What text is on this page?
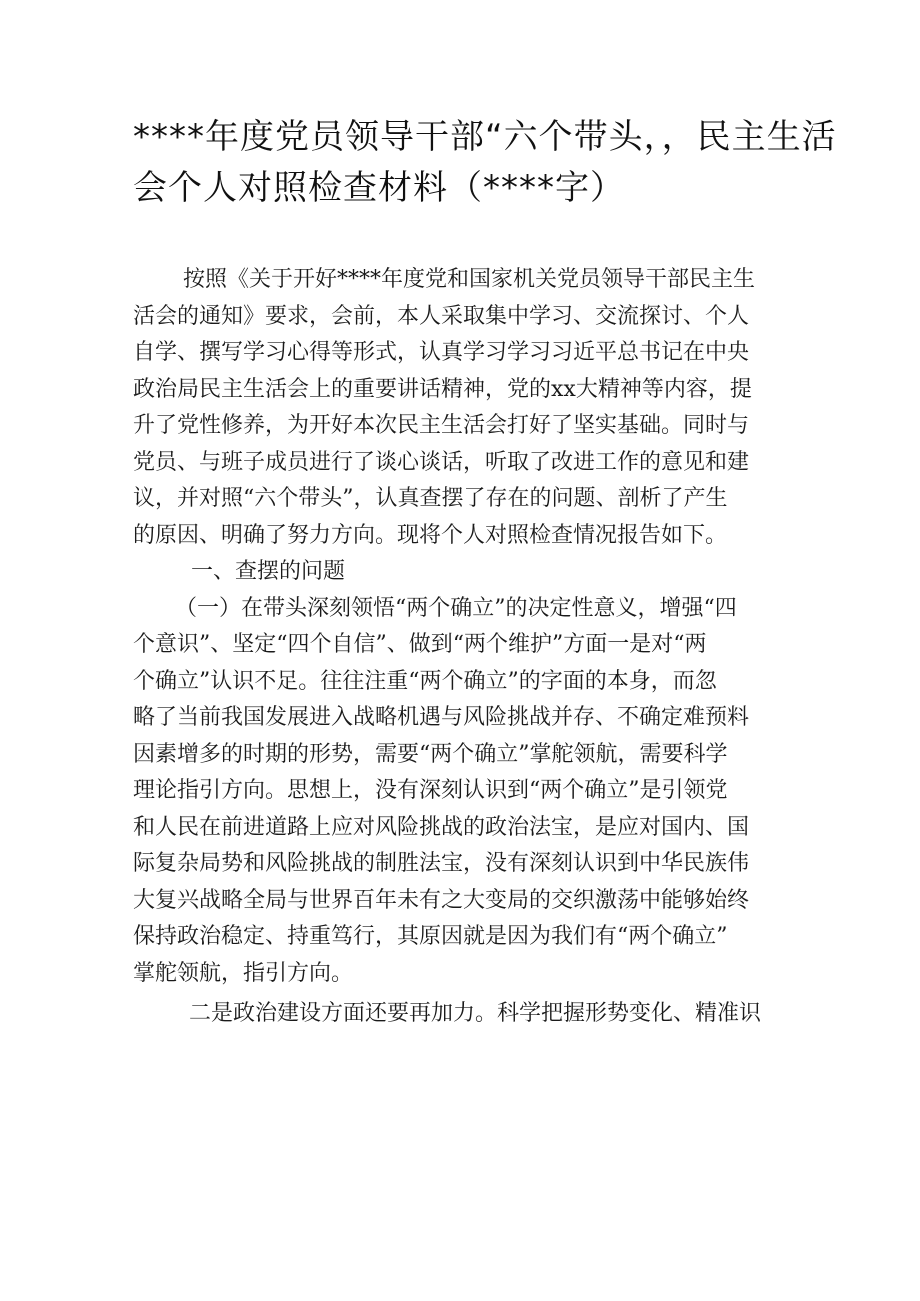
****年度党员领导干部“六个带头，，民主生活
会个人对照检查材料（****字）
按照《关于开好****年度党和国家机关党员领导干部民主生
活会的通知》要求，会前，本人采取集中学习、交流探讨、个人
自学、撰写学习心得等形式，认真学习学习习近平总书记在中央
政治局民主生活会上的重要讲话精神，党的xx大精神等内容，提
升了党性修养，为开好本次民主生活会打好了坚实基础。同时与
党员、与班子成员进行了谈心谈话，听取了改进工作的意见和建
议，并对照“六个带头”，认真查摆了存在的问题、剖析了产生
的原因、明确了努力方向。现将个人对照检查情况报告如下。
一、查摆的问题
（一）在带头深刻领悟“两个确立”的决定性意义，增强“四
个意识”、坚定“四个自信”、做到“两个维护”方面一是对“两
个确立”认识不足。往往注重“两个确立”的字面的本身，而忽
略了当前我国发展进入战略机遇与风险挑战并存、不确定难预料
因素增多的时期的形势，需要“两个确立”掌舵领航，需要科学
理论指引方向。思想上，没有深刻认识到“两个确立”是引领党
和人民在前进道路上应对风险挑战的政治法宝，是应对国内、国
际复杂局势和风险挑战的制胜法宝，没有深刻认识到中华民族伟
大复兴战略全局与世界百年未有之大变局的交织激荡中能够始终
保持政治稳定、持重笃行，其原因就是因为我们有“两个确立”
掌舵领航，指引方向。
二是政治建设方面还要再加力。科学把握形势变化、精准识
